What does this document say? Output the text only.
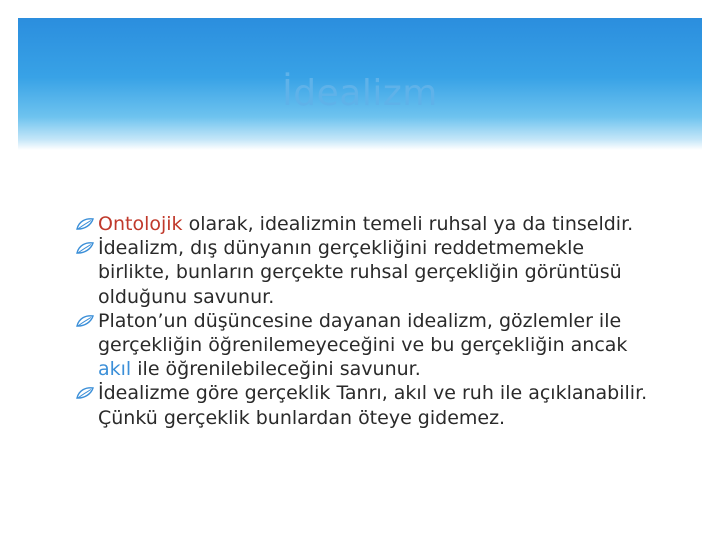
İdealizm

Ontolojik olarak, idealizmin temeli ruhsal ya da tinseldir.

İdealizm, dış dünyanın gerçekliğini reddetmemekle birlikte, bunların gerçekte ruhsal gerçekliğin görüntüsü olduğunu savunur.

Platon’un düşüncesine dayanan idealizm, gözlemler ile gerçekliğin öğrenilemeyeceğini ve bu gerçekliğin ancak akıl ile öğrenilebileceğini savunur.

İdealizme göre gerçeklik Tanrı, akıl ve ruh ile açıklanabilir. Çünkü gerçeklik bunlardan öteye gidemez.
